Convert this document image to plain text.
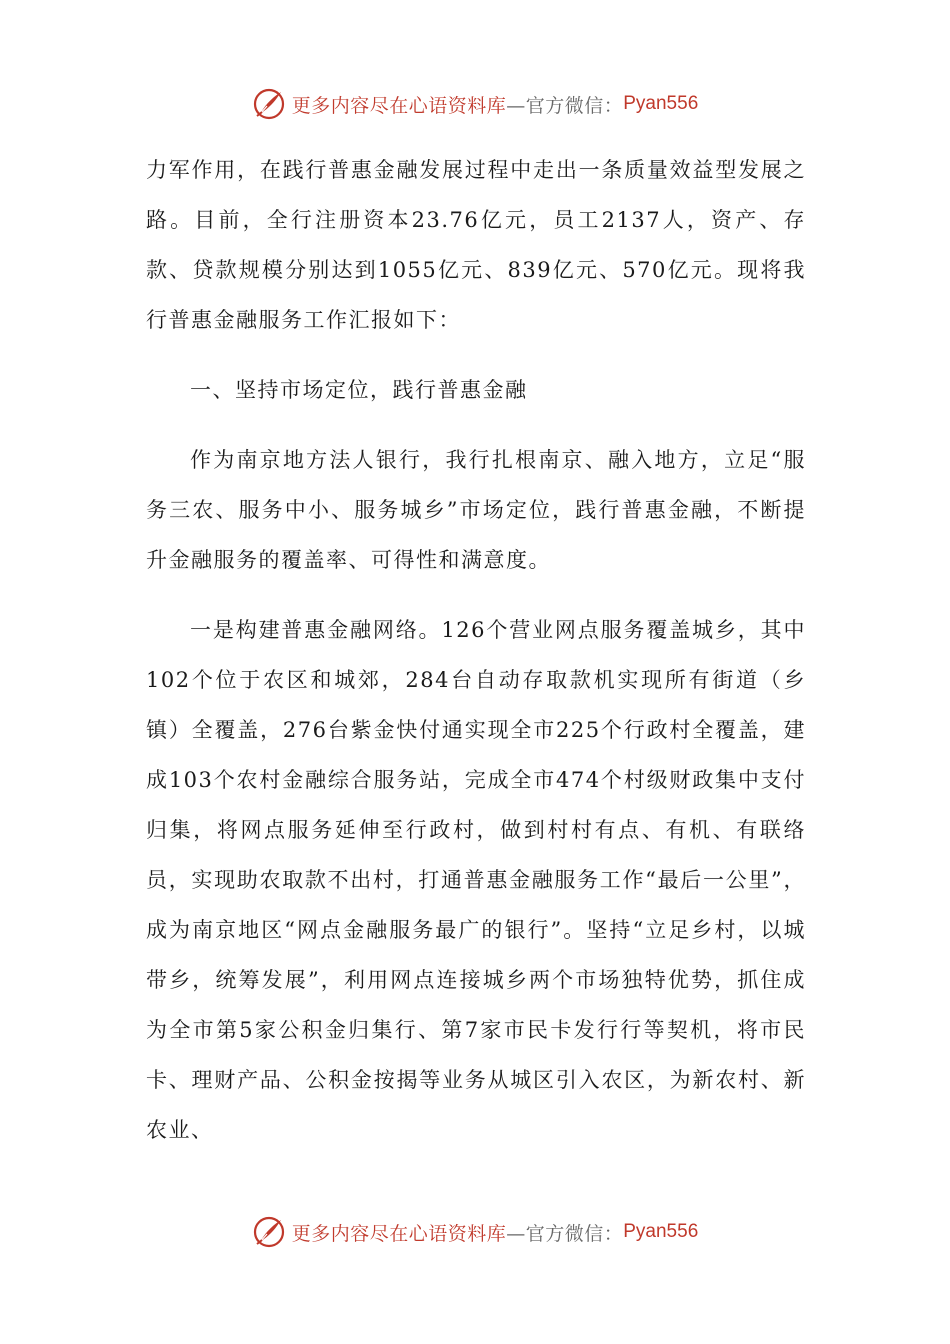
更多内容尽在心语资料库 —官方微信： Pyan556

力军作用，在践行普惠金融发展过程中走出一条质量效益型发展之路。目前，全行注册资本23.76亿元，员工2137人，资产、存款、贷款规模分别达到1055亿元、839亿元、570亿元。现将我行普惠金融服务工作汇报如下：

一、坚持市场定位，践行普惠金融

作为南京地方法人银行，我行扎根南京、融入地方，立足“服务三农、服务中小、服务城乡”市场定位，践行普惠金融，不断提升金融服务的覆盖率、可得性和满意度。

一是构建普惠金融网络。126个营业网点服务覆盖城乡，其中102个位于农区和城郊，284台自动存取款机实现所有街道（乡镇）全覆盖，276台紫金快付通实现全市225个行政村全覆盖，建成103个农村金融综合服务站，完成全市474个村级财政集中支付归集，将网点服务延伸至行政村，做到村村有点、有机、有联络员，实现助农取款不出村，打通普惠金融服务工作“最后一公里”，成为南京地区“网点金融服务最广的银行”。坚持“立足乡村，以城带乡，统筹发展”，利用网点连接城乡两个市场独特优势，抓住成为全市第5家公积金归集行、第7家市民卡发行行等契机，将市民卡、理财产品、公积金按揭等业务从城区引入农区，为新农村、新农业、

更多内容尽在心语资料库 —官方微信： Pyan556
